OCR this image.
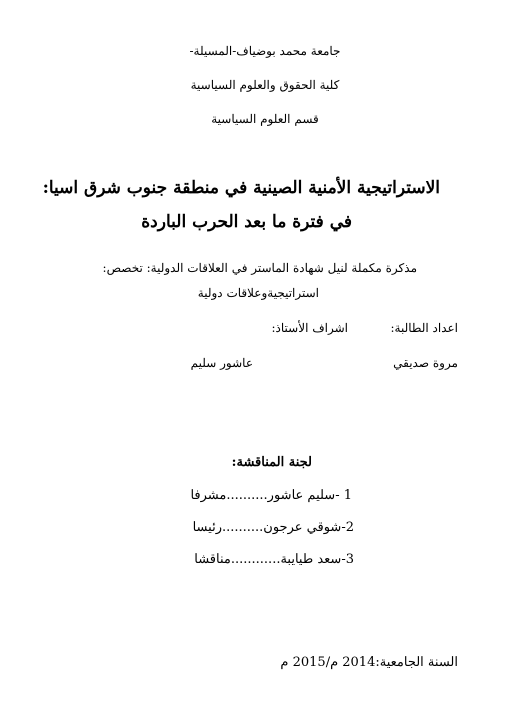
جامعة محمد بوضياف-المسيلة-
كلية الحقوق والعلوم السياسية
قسم العلوم السياسية
الاستراتيجية الأمنية الصينية في منطقة جنوب شرق اسيا:
في فترة ما بعد الحرب الباردة
مذكرة مكملة لنيل شهادة الماستر في العلاقات الدولية: تخصص:
استراتيجيةوعلاقات دولية
اعداد الطالبة:
اشراف الأستاذ:
مروة صديقي
عاشور سليم
لجنة المناقشة:
1 -سليم عاشور..........مشرفا
2-شوقي عرجون..........رئيسا
3-سعد طيايبة............مناقشا
السنة الجامعية:2014 م/2015 م
